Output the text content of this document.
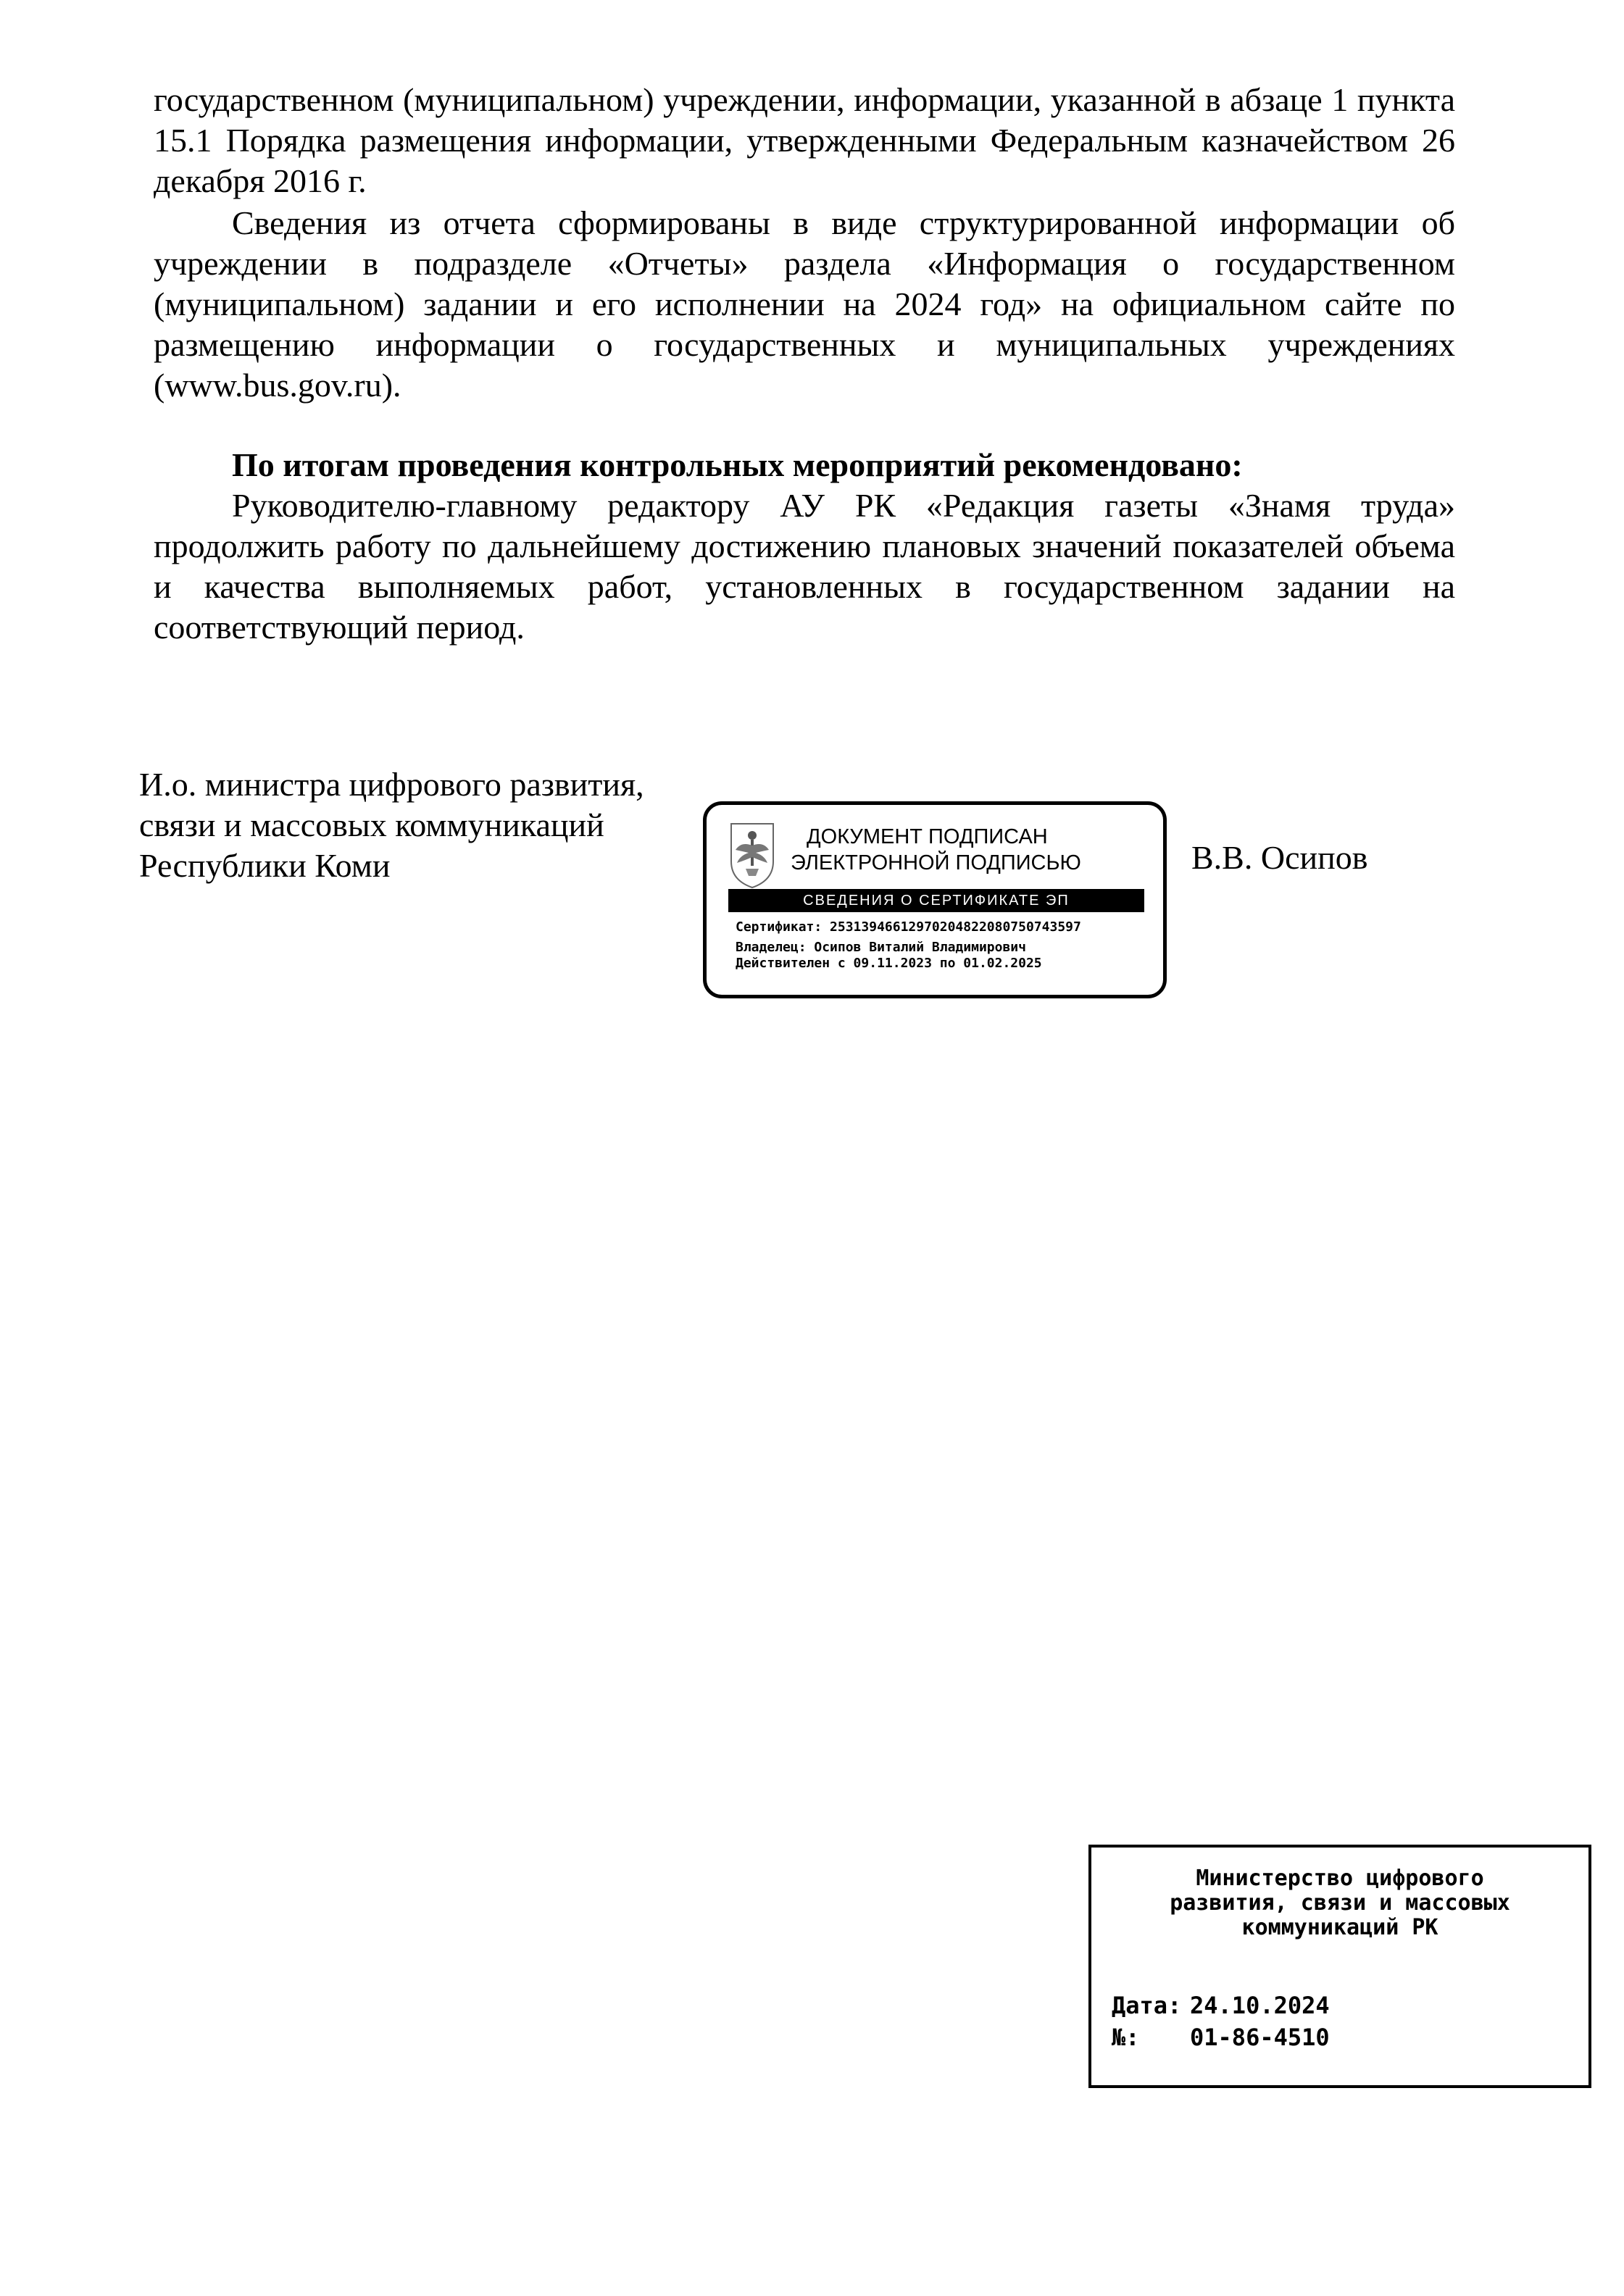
государственном (муниципальном) учреждении, информации, указанной в абзаце 1 пункта 15.1 Порядка размещения информации, утвержденными Федеральным казначейством 26 декабря 2016 г.

Сведения из отчета сформированы в виде структурированной информации об учреждении в подразделе «Отчеты» раздела «Информация о государственном (муниципальном) задании и его исполнении на 2024 год» на официальном сайте по размещению информации о государственных и муниципальных учреждениях (www.bus.gov.ru).

По итогам проведения контрольных мероприятий рекомендовано:

Руководителю-главному редактору АУ РК «Редакция газеты «Знамя труда» продолжить работу по дальнейшему достижению плановых значений показателей объема и качества выполняемых работ, установленных в государственном задании на соответствующий период.

И.о. министра цифрового развития,
связи и массовых коммуникаций
Республики Коми
ДОКУМЕНТ ПОДПИСАН
ЭЛЕКТРОННОЙ ПОДПИСЬЮ
СВЕДЕНИЯ О СЕРТИФИКАТЕ ЭП
Сертификат: 25313946612970204822080750743597
Владелец: Осипов Виталий Владимирович
Действителен с 09.11.2023 по 01.02.2025

В.В. Осипов

Министерство цифрового
развития, связи и массовых
коммуникаций РК
Дата: 24.10.2024
№: 01-86-4510
